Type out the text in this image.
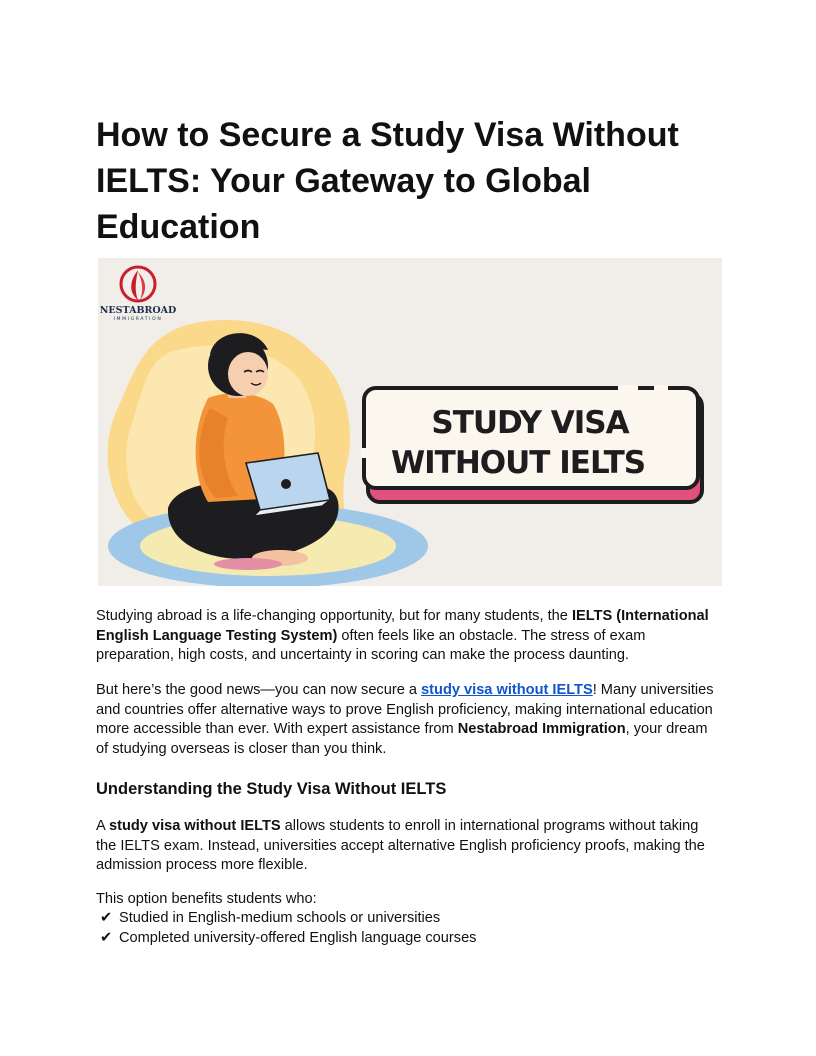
How to Secure a Study Visa Without IELTS: Your Gateway to Global Education
NESTABROAD
IMMIGRATION
STUDY VISA
WITHOUT IELTS

Studying abroad is a life-changing opportunity, but for many students, the IELTS (International English Language Testing System) often feels like an obstacle. The stress of exam preparation, high costs, and uncertainty in scoring can make the process daunting.

But here’s the good news—you can now secure a study visa without IELTS! Many universities and countries offer alternative ways to prove English proficiency, making international education more accessible than ever. With expert assistance from Nestabroad Immigration, your dream of studying overseas is closer than you think.

Understanding the Study Visa Without IELTS

A study visa without IELTS allows students to enroll in international programs without taking the IELTS exam. Instead, universities accept alternative English proficiency proofs, making the admission process more flexible.

This option benefits students who:

✔ Studied in English-medium schools or universities
✔ Completed university-offered English language courses
